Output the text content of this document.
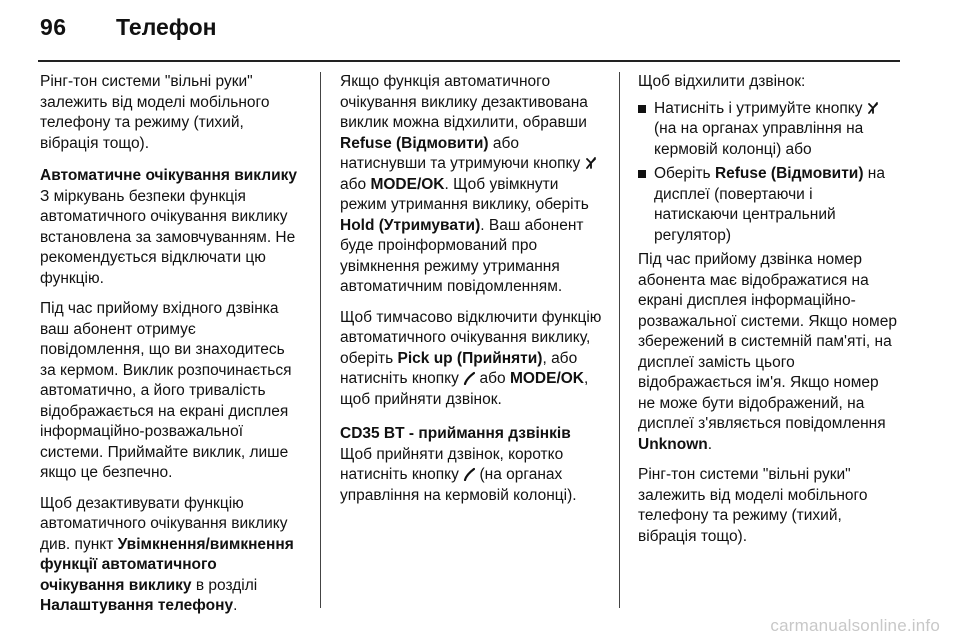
96 Телефон

Рінг-тон системи "вільні руки" залежить від моделі мобільного телефону та режиму (тихий, вібрація тощо).

Автоматичне очікування виклику

З міркувань безпеки функція автоматичного очікування виклику встановлена за замовчуванням. Не рекомендується відключати цю функцію.

Під час прийому вхідного дзвінка ваш абонент отримує повідомлення, що ви знаходитесь за кермом. Виклик розпочинається автоматично, а його тривалість відображається на екрані дисплея інформаційно-розважальної системи. Приймайте виклик, лише якщо це безпечно.

Щоб дезактивувати функцію автоматичного очікування виклику див. пункт Увімкнення/вимкнення функції автоматичного очікування виклику в розділі Налаштування телефону.

Якщо функція автоматичного очікування виклику дезактивована виклик можна відхилити, обравши Refuse (Відмовити) або натиснувши та утримуючи кнопку  або MODE/OK. Щоб увімкнути режим утримання виклику, оберіть Hold (Утримувати). Ваш абонент буде проінформований про увімкнення режиму утримання автоматичним повідомленням.

Щоб тимчасово відключити функцію автоматичного очікування виклику, оберіть Pick up (Прийняти), або натисніть кнопку  або MODE/OK, щоб прийняти дзвінок.

CD35 BT - приймання дзвінків

Щоб прийняти дзвінок, коротко натисніть кнопку  (на органах управління на кермовій колонці).

Щоб відхилити дзвінок:

Натисніть і утримуйте кнопку  (на на органах управління на кермовій колонці) або
Оберіть Refuse (Відмовити) на дисплеї (повертаючи і натискаючи центральний регулятор)

Під час прийому дзвінка номер абонента має відображатися на екрані дисплея інформаційно-розважальної системи. Якщо номер збережений в системній пам'яті, на дисплеї замість цього відображається ім'я. Якщо номер не може бути відображений, на дисплеї з'являється повідомлення Unknown.

Рінг-тон системи "вільні руки" залежить від моделі мобільного телефону та режиму (тихий, вібрація тощо).

carmanualsonline.info
